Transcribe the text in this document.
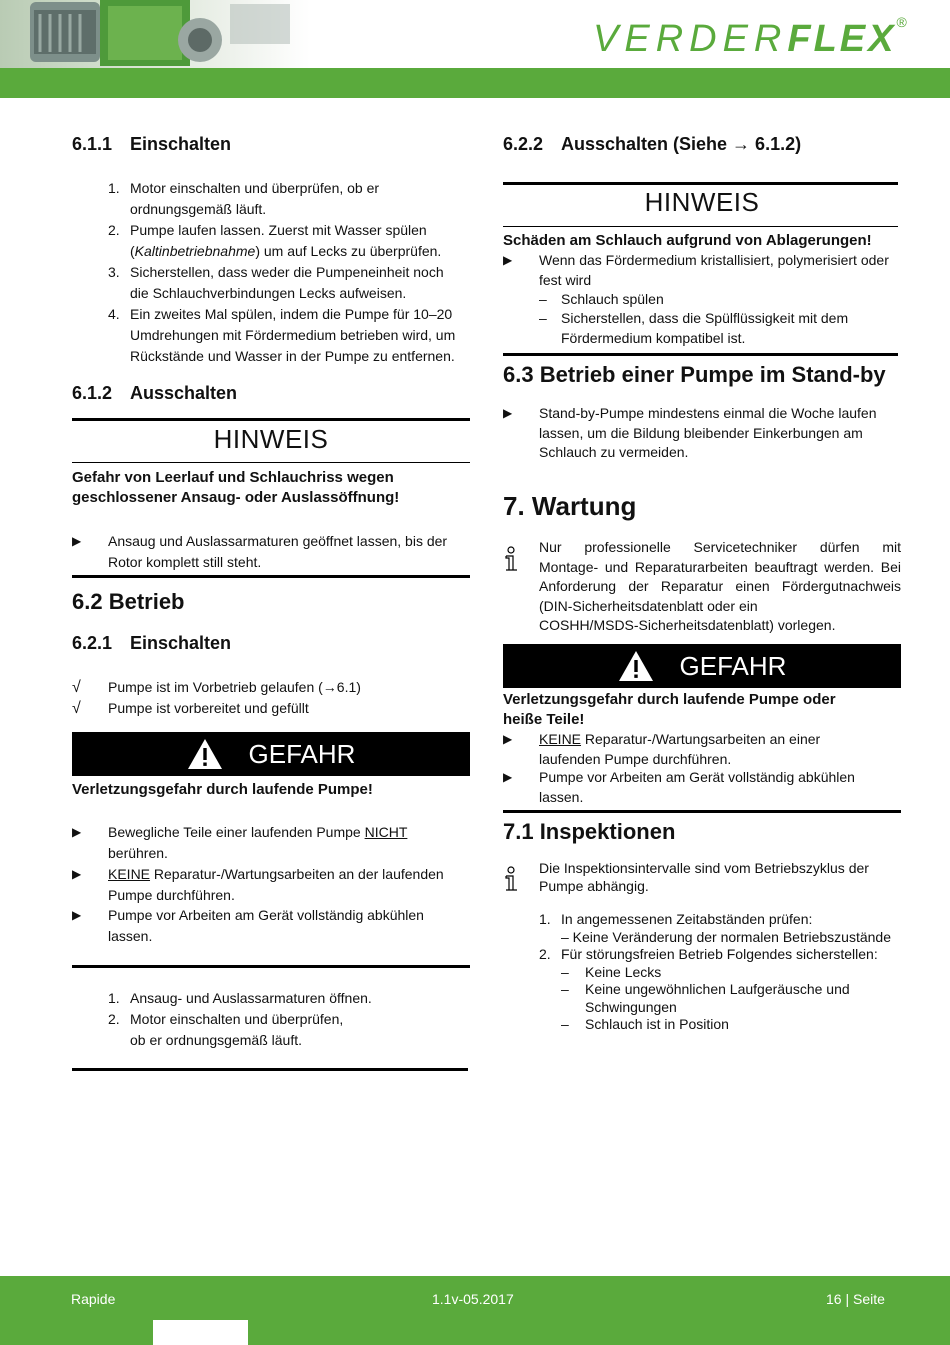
VERDERFLEX®
6.1.1 Einschalten
1. Motor einschalten und überprüfen, ob er
ordnungsgemäß läuft.
2. Pumpe laufen lassen. Zuerst mit Wasser spülen
(Kaltinbetriebnahme) um auf Lecks zu überprüfen.
3. Sicherstellen, dass weder die Pumpeneinheit noch
die Schlauchverbindungen Lecks aufweisen.
4. Ein zweites Mal spülen, indem die Pumpe für 10–20
Umdrehungen mit Fördermedium betrieben wird, um
Rückstände und Wasser in der Pumpe zu entfernen.
6.1.2 Ausschalten
HINWEIS
Gefahr von Leerlauf und Schlauchriss wegen
geschlossener Ansaug- oder Auslassöffnung!
▶ Ansaug und Auslassarmaturen geöffnet lassen, bis der
Rotor komplett still steht.
6.2 Betrieb
6.2.1 Einschalten
√ Pumpe ist im Vorbetrieb gelaufen (→6.1)
√ Pumpe ist vorbereitet und gefüllt
GEFAHR
Verletzungsgefahr durch laufende Pumpe!
▶ Bewegliche Teile einer laufenden Pumpe NICHT
berühren.
▶ KEINE Reparatur-/Wartungsarbeiten an der laufenden
Pumpe durchführen.
▶ Pumpe vor Arbeiten am Gerät vollständig abkühlen
lassen.
1. Ansaug- und Auslassarmaturen öffnen.
2. Motor einschalten und überprüfen,
ob er ordnungsgemäß läuft.
6.2.2 Ausschalten (Siehe → 6.1.2)
HINWEIS
Schäden am Schlauch aufgrund von Ablagerungen!
▶ Wenn das Fördermedium kristallisiert, polymerisiert oder
fest wird
– Schlauch spülen
– Sicherstellen, dass die Spülflüssigkeit mit dem
Fördermedium kompatibel ist.
6.3 Betrieb einer Pumpe im Stand-by
▶ Stand-by-Pumpe mindestens einmal die Woche laufen
lassen, um die Bildung bleibender Einkerbungen am
Schlauch zu vermeiden.
7. Wartung
Nur professionelle Servicetechniker dürfen mit
Montage- und Reparaturarbeiten beauftragt werden. Bei
Anforderung der Reparatur einen Fördergutnachweis
(DIN-Sicherheitsdatenblatt oder ein
COSHH/MSDS-Sicherheitsdatenblatt) vorlegen.
GEFAHR
Verletzungsgefahr durch laufende Pumpe oder
heiße Teile!
▶ KEINE Reparatur-/Wartungsarbeiten an einer
laufenden Pumpe durchführen.
▶ Pumpe vor Arbeiten am Gerät vollständig abkühlen
lassen.
7.1 Inspektionen
Die Inspektionsintervalle sind vom Betriebszyklus der
Pumpe abhängig.
1. In angemessenen Zeitabständen prüfen:
– Keine Veränderung der normalen Betriebszustände
2. Für störungsfreien Betrieb Folgendes sicherstellen:
– Keine Lecks
– Keine ungewöhnlichen Laufgeräusche und
Schwingungen
– Schlauch ist in Position
Rapide	1.1v-05.2017	16 | Seite
